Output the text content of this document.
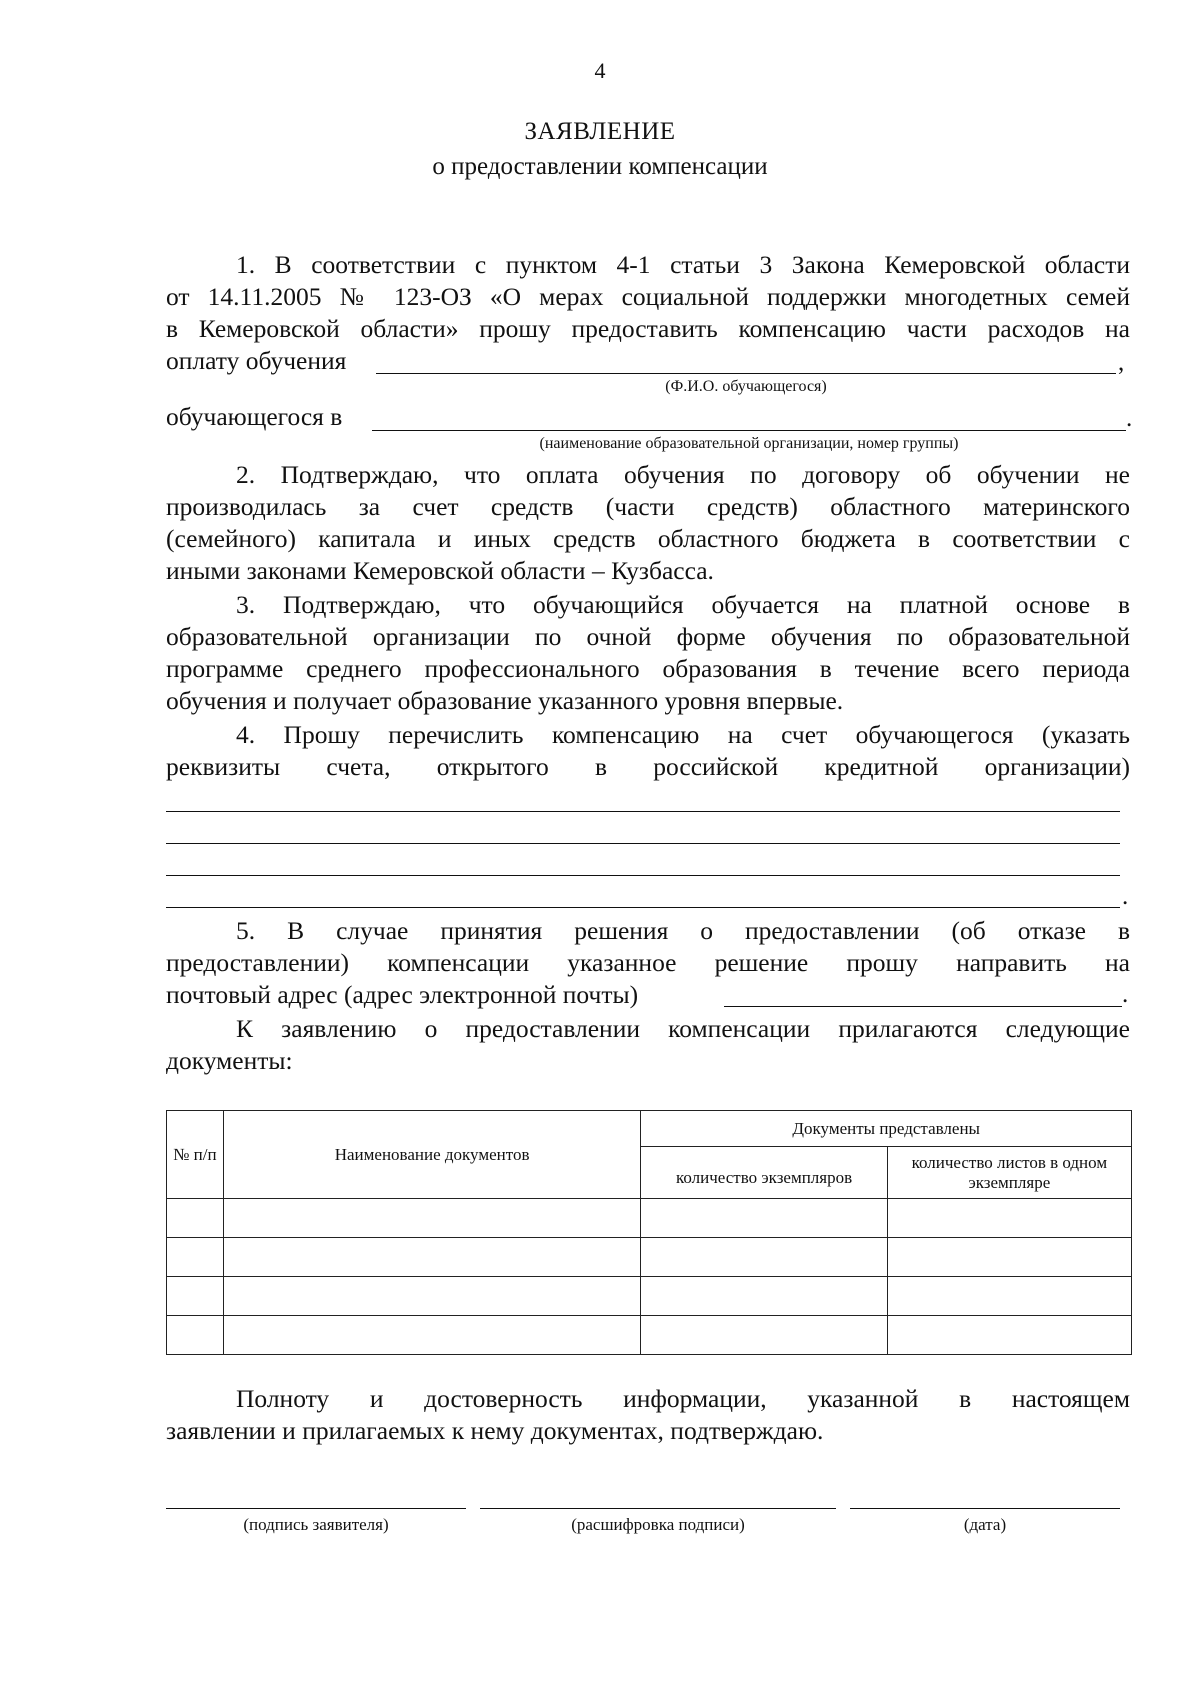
4
ЗАЯВЛЕНИЕ
о предоставлении компенсации
1. В соответствии с пунктом 4-1 статьи 3 Закона Кемеровской области
от 14.11.2005 № 123-ОЗ «О мерах социальной поддержки многодетных семей
в Кемеровской области» прошу предоставить компенсацию части расходов на
оплату обучения	,
(Ф.И.О. обучающегося)
обучающегося в	.
(наименование образовательной организации, номер группы)
2. Подтверждаю, что оплата обучения по договору об обучении не
производилась за счет средств (части средств) областного материнского
(семейного) капитала и иных средств областного бюджета в соответствии с
иными законами Кемеровской области – Кузбасса.
3. Подтверждаю, что обучающийся обучается на платной основе в
образовательной организации по очной форме обучения по образовательной
программе среднего профессионального образования в течение всего периода
обучения и получает образование указанного уровня впервые.
4. Прошу перечислить компенсацию на счет обучающегося (указать
реквизиты счета, открытого в российской кредитной организации)
.
5. В случае принятия решения о предоставлении (об отказе в
предоставлении) компенсации указанное решение прошу направить на
почтовый адрес (адрес электронной почты)	.
К заявлению о предоставлении компенсации прилагаются следующие
документы:
№ п/п	Наименование документов	Документы представлены	
		количество экземпляров	количество листов в одном экземпляре

Полноту и достоверность информации, указанной в настоящем
заявлении и прилагаемых к нему документах, подтверждаю.
(подпись заявителя)	(расшифровка подписи)	(дата)
